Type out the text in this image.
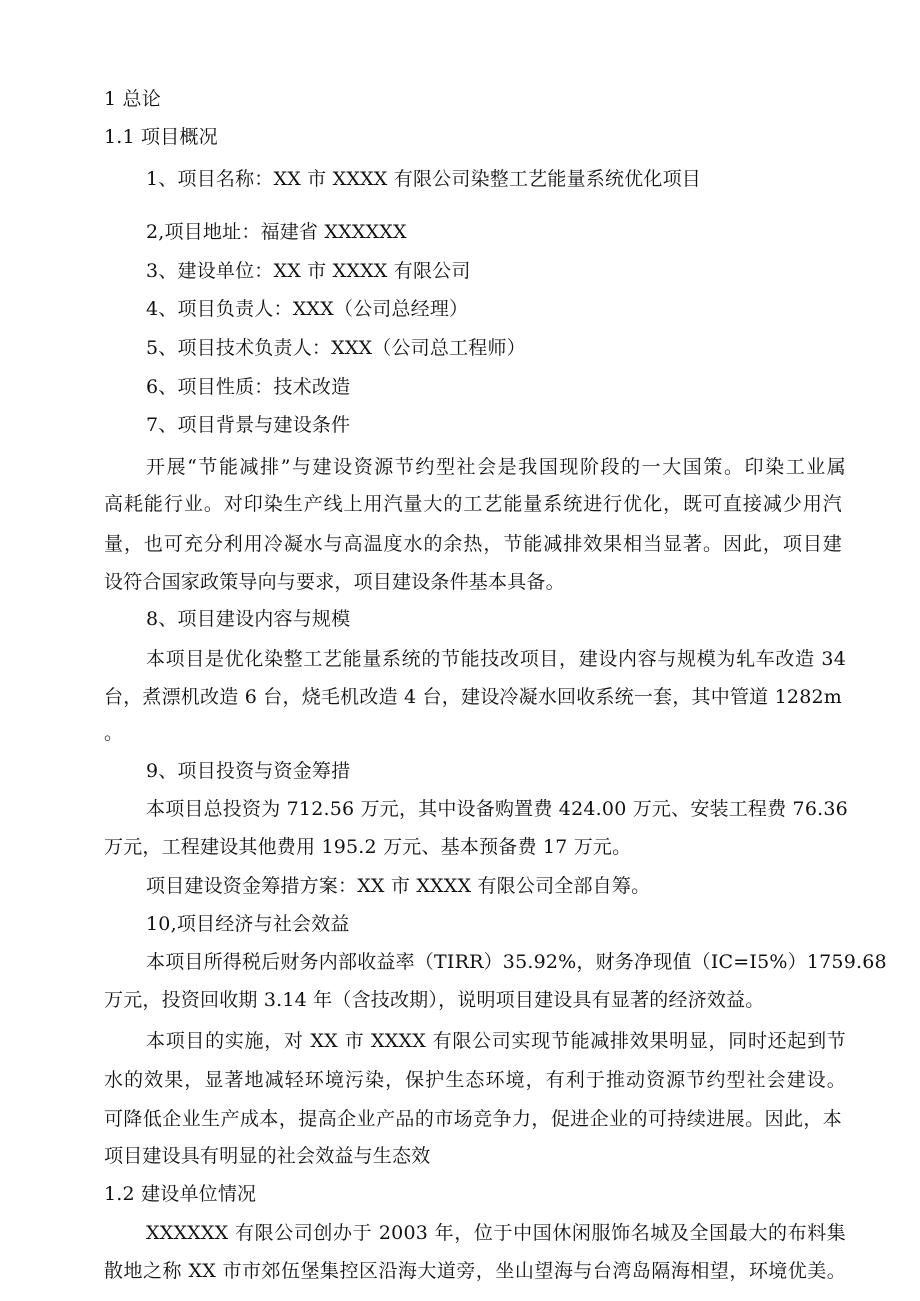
1 总论
1.1 项目概况
1、项目名称：XX 市 XXXX 有限公司染整工艺能量系统优化项目
2,项目地址：福建省 XXXXXX
3、建设单位：XX 市 XXXX 有限公司
4、项目负责人：XXX（公司总经理）
5、项目技术负责人：XXX（公司总工程师）
6、项目性质：技术改造
7、项目背景与建设条件
开展“节能减排”与建设资源节约型社会是我国现阶段的一大国策。印染工业属
高耗能行业。对印染生产线上用汽量大的工艺能量系统进行优化，既可直接减少用汽
量，也可充分利用冷凝水与高温度水的余热，节能减排效果相当显著。因此，项目建
设符合国家政策导向与要求，项目建设条件基本具备。
8、项目建设内容与规模
本项目是优化染整工艺能量系统的节能技改项目，建设内容与规模为轧车改造 34
台，煮漂机改造 6 台，烧毛机改造 4 台，建设冷凝水回收系统一套，其中管道 1282m
。
9、项目投资与资金筹措
本项目总投资为 712.56 万元，其中设备购置费 424.00 万元、安装工程费 76.36
万元，工程建设其他费用 195.2 万元、基本预备费 17 万元。
项目建设资金筹措方案：XX 市 XXXX 有限公司全部自筹。
10,项目经济与社会效益
本项目所得税后财务内部收益率（TIRR）35.92%，财务净现值（IC=I5%）1759.68
万元，投资回收期 3.14 年（含技改期），说明项目建设具有显著的经济效益。
本项目的实施，对 XX 市 XXXX 有限公司实现节能减排效果明显，同时还起到节
水的效果，显著地减轻环境污染，保护生态环境，有利于推动资源节约型社会建设。
可降低企业生产成本，提高企业产品的市场竞争力，促进企业的可持续进展。因此，本
项目建设具有明显的社会效益与生态效
1.2 建设单位情况
XXXXXX 有限公司创办于 2003 年，位于中国休闲服饰名城及全国最大的布料集
散地之称 XX 市市郊伍堡集控区沿海大道旁，坐山望海与台湾岛隔海相望，环境优美。
